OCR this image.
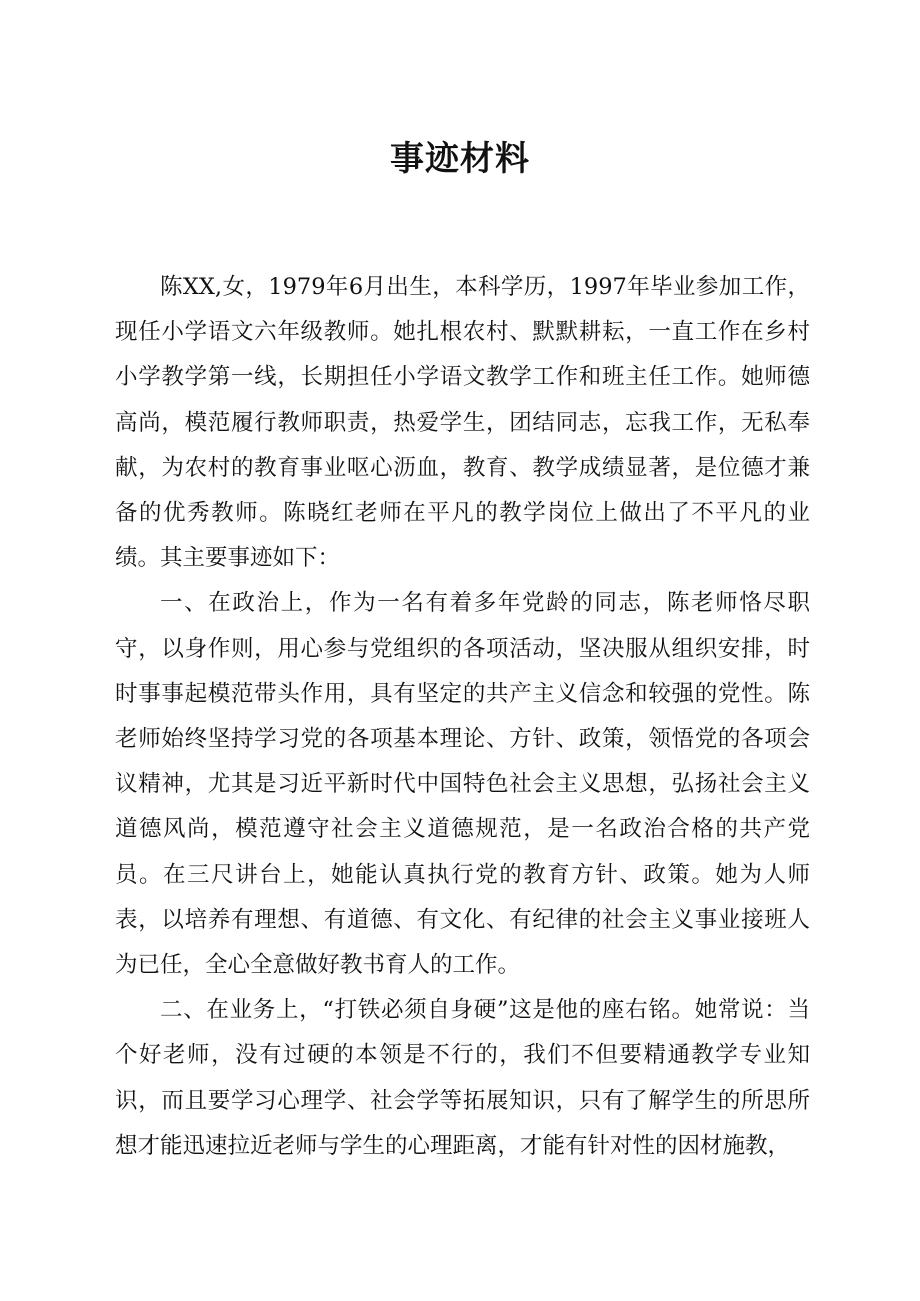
事迹材料

陈XX,女，1979年6月出生，本科学历，1997年毕业参加工作，现任小学语文六年级教师。她扎根农村、默默耕耘，一直工作在乡村小学教学第一线，长期担任小学语文教学工作和班主任工作。她师德高尚，模范履行教师职责，热爱学生，团结同志，忘我工作，无私奉献，为农村的教育事业呕心沥血，教育、教学成绩显著，是位德才兼备的优秀教师。陈晓红老师在平凡的教学岗位上做出了不平凡的业绩。其主要事迹如下：

一、在政治上，作为一名有着多年党龄的同志，陈老师恪尽职守，以身作则，用心参与党组织的各项活动，坚决服从组织安排，时时事事起模范带头作用，具有坚定的共产主义信念和较强的党性。陈老师始终坚持学习党的各项基本理论、方针、政策，领悟党的各项会议精神，尤其是习近平新时代中国特色社会主义思想，弘扬社会主义道德风尚，模范遵守社会主义道德规范，是一名政治合格的共产党员。在三尺讲台上，她能认真执行党的教育方针、政策。她为人师表，以培养有理想、有道德、有文化、有纪律的社会主义事业接班人为已任，全心全意做好教书育人的工作。

二、在业务上，“打铁必须自身硬”这是他的座右铭。她常说：当个好老师，没有过硬的本领是不行的，我们不但要精通教学专业知识，而且要学习心理学、社会学等拓展知识，只有了解学生的所思所想才能迅速拉近老师与学生的心理距离，才能有针对性的因材施教，
